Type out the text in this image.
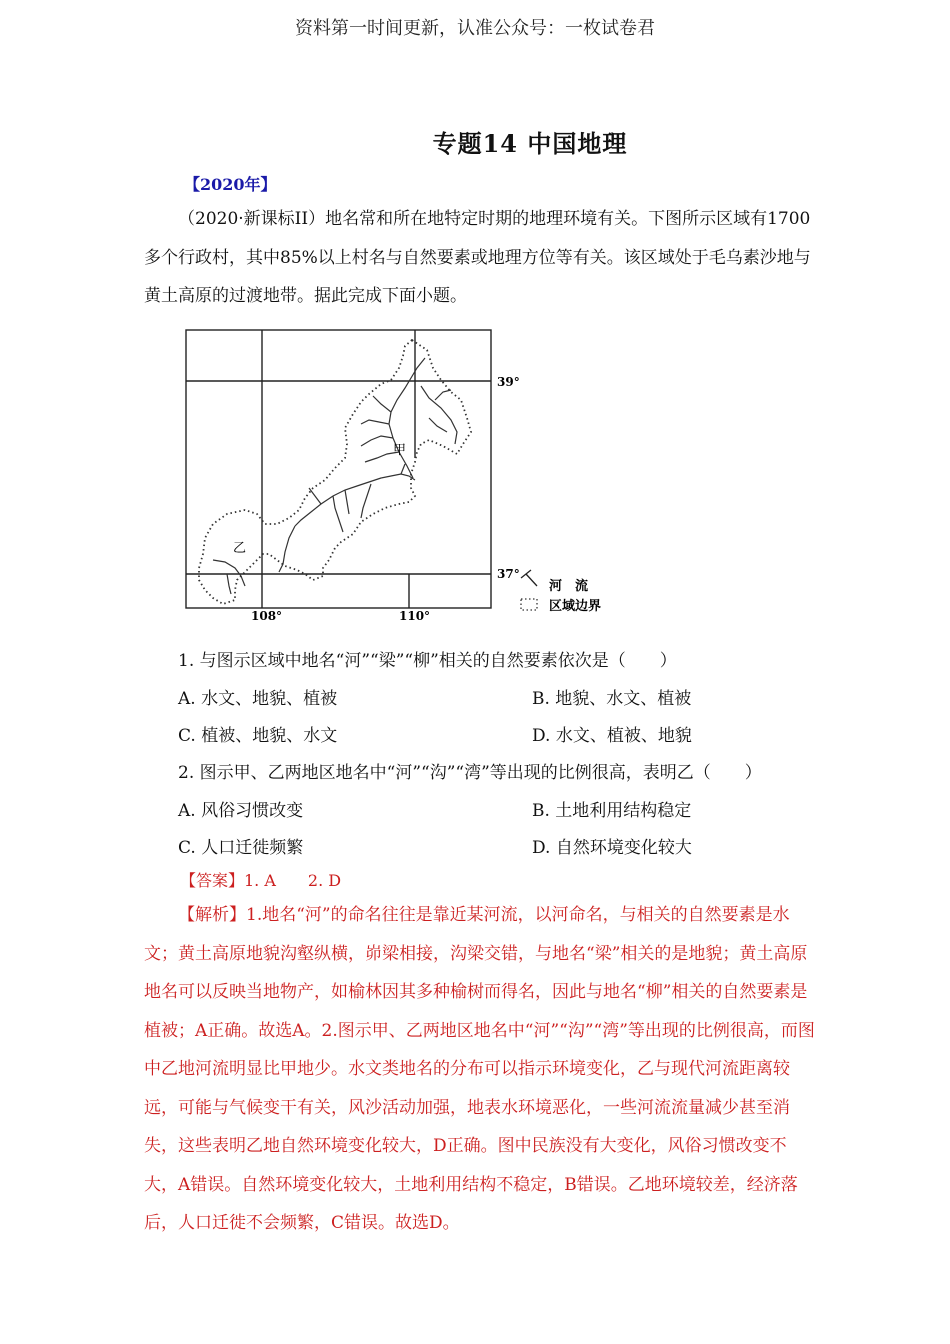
资料第一时间更新，认准公众号：一枚试卷君
专题14 中国地理
【2020年】
（2020·新课标II）地名常和所在地特定时期的地理环境有关。下图所示区域有1700多个行政村，其中85%以上村名与自然要素或地理方位等有关。该区域处于毛乌素沙地与黄土高原的过渡地带。据此完成下面小题。
甲
乙
39°
37°
108°	110°
河　流
区域边界
1. 与图示区域中地名“河”“梁”“柳”相关的自然要素依次是（　　）
A. 水文、地貌、植被	B. 地貌、水文、植被
C. 植被、地貌、水文	D. 水文、植被、地貌
2. 图示甲、乙两地区地名中“河”“沟”“湾”等出现的比例很高，表明乙（　　）
A. 风俗习惯改变	B. 土地利用结构稳定
C. 人口迁徙频繁	D. 自然环境变化较大
【答案】1. A　　2. D
【解析】1.地名“河”的命名往往是靠近某河流，以河命名，与相关的自然要素是水文；黄土高原地貌沟壑纵横，峁梁相接，沟梁交错，与地名“梁”相关的是地貌；黄土高原地名可以反映当地物产，如榆林因其多种榆树而得名，因此与地名“柳”相关的自然要素是植被；A正确。故选A。2.图示甲、乙两地区地名中“河”“沟”“湾”等出现的比例很高，而图中乙地河流明显比甲地少。水文类地名的分布可以指示环境变化，乙与现代河流距离较远，可能与气候变干有关，风沙活动加强，地表水环境恶化，一些河流流量减少甚至消失，这些表明乙地自然环境变化较大，D正确。图中民族没有大变化，风俗习惯改变不大，A错误。自然环境变化较大，土地利用结构不稳定，B错误。乙地环境较差，经济落后，人口迁徙不会频繁，C错误。故选D。
